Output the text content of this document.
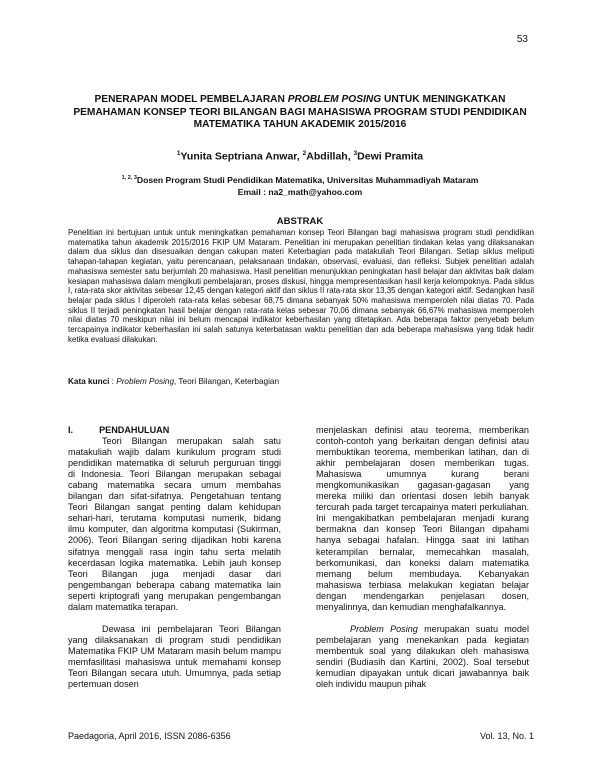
53
PENERAPAN MODEL PEMBELAJARAN PROBLEM POSING UNTUK MENINGKATKAN PEMAHAMAN KONSEP TEORI BILANGAN BAGI MAHASISWA PROGRAM STUDI PENDIDIKAN MATEMATIKA TAHUN AKADEMIK 2015/2016
$^1$Yunita Septriana Anwar, $^2$Abdillah, $^3$Dewi Pramita
$^{1, 2, 3}$Dosen Program Studi Pendidikan Matematika, Universitas Muhammadiyah Mataram
Email : na2_math@yahoo.com
ABSTRAK
Penelitian ini bertujuan untuk untuk meningkatkan pemahaman konsep Teori Bilangan bagi mahasiswa program studi pendidikan matematika tahun akademik 2015/2016 FKIP UM Mataram. Penelitian ini merupakan penelitian tindakan kelas yang dilaksanakan dalam dua siklus dan disesuaikan dengan cakupan materi Keterbagian pada matakuliah Teori Bilangan. Setiap siklus meliputi tahapan-tahapan kegiatan, yaitu perencanaan, pelaksanaan tindakan, observasi, evaluasi, dan refleksi. Subjek penelitian adalah mahasiswa semester satu berjumlah 20 mahasiswa. Hasil penelitian menunjukkan peningkatan hasil belajar dan aktivitas baik dalam kesiapan mahasiswa dalam mengikuti pembelajaran, proses diskusi, hingga mempresentasikan hasil kerja kelompoknya. Pada siklus I, rata-rata skor aktivitas sebesar 12,45 dengan kategori aktif dan siklus II rata-rata skor 13,35 dengan kategori aktif. Sedangkan hasil belajar pada siklus I diperoleh rata-rata kelas sebesar 68,75 dimana sebanyak 50% mahasiswa memperoleh nilai diatas 70. Pada siklus II terjadi peningkatan hasil belajar dengan rata-rata kelas sebesar 70,06 dimana sebanyak 66,67% mahasiswa memperoleh nilai diatas 70 meskipun nilai ini belum mencapai indikator keberhasilan yang ditetapkan. Ada beberapa faktor penyebab belum tercapainya indikator keberhasilan ini salah satunya keterbatasan waktu penelitian dan ada beberapa mahasiswa yang tidak hadir ketika evaluasi dilakukan.
Kata kunci : Problem Posing, Teori Bilangan, Keterbagian
I.	PENDAHULUAN

Teori Bilangan merupakan salah satu matakuliah wajib dalam kurikulum program studi pendidikan matematika di seluruh perguruan tinggi di Indonesia. Teori Bilangan merupakan sebagai cabang matematika secara umum membahas bilangan dan sifat-sifatnya. Pengetahuan tentang Teori Bilangan sangat penting dalam kehidupan sehari-hari, terutama komputasi numerik, bidang ilmu komputer, dan algoritma komputasi (Sukirman, 2006). Teori Bilangan sering dijadikan hobi karena sifatnya menggali rasa ingin tahu serta melatih kecerdasan logika matematika. Lebih jauh konsep Teori Bilangan juga menjadi dasar dari pengembangan beberapa cabang matematika lain seperti kriptografi yang merupakan pengembangan dalam matematika terapan.

Dewasa ini pembelajaran Teori Bilangan yang dilaksanakan di program studi pendidikan Matematika FKIP UM Mataram masih belum mampu memfasilitasi mahasiswa untuk memahami konsep Teori Bilangan secara utuh. Umumnya, pada setiap pertemuan dosen

menjelaskan definisi atau teorema, memberikan contoh-contoh yang berkaitan dengan definisi atau membuktikan teorema, memberikan latihan, dan di akhir pembelajaran dosen memberikan tugas. Mahasiswa umumnya kurang berani mengkomunikasikan gagasan-gagasan yang mereka miliki dan orientasi dosen lebih banyak tercurah pada target tercapainya materi perkuliahan. Ini mengakibatkan pembelajaran menjadi kurang bermakna dan konsep Teori Bilangan dipahami hanya sebagai hafalan. Hingga saat ini latihan keterampilan bernalar, memecahkan masalah, berkomunikasi, dan koneksi dalam matematika memang belum membudaya. Kebanyakan mahasiswa terbiasa melakukan kegiatan belajar dengan mendengarkan penjelasan dosen, menyalinnya, dan kemudian menghafalkannya.

Problem Posing merupakan suatu model pembelajaran yang menekankan pada kegiatan membentuk soal yang dilakukan oleh mahasiswa sendiri (Budiasih dan Kartini, 2002). Soal tersebut kemudian dipayakan untuk dicari jawabannya baik oleh individu maupun pihak

Paedagoria, April 2016, ISSN 2086-6356	Vol. 13, No. 1
